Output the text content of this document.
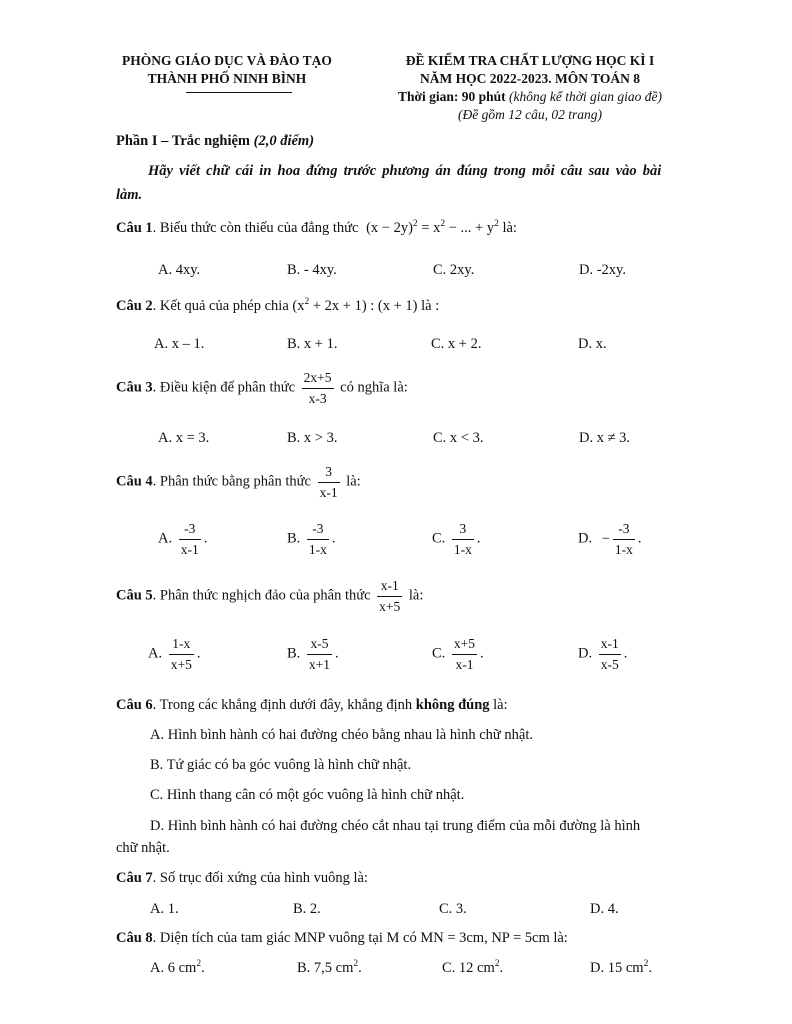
PHÒNG GIÁO DỤC VÀ ĐÀO TẠO
THÀNH PHỐ NINH BÌNH
ĐỀ KIỂM TRA CHẤT LƯỢNG HỌC KÌ I
NĂM HỌC 2022-2023. MÔN TOÁN 8
Thời gian: 90 phút (không kể thời gian giao đề)
(Đề gồm 12 câu, 02 trang)
Phần I – Trắc nghiệm (2,0 điểm)
Hãy viết chữ cái in hoa đứng trước phương án đúng trong mỗi câu sau vào bài
làm.
Câu 1. Biểu thức còn thiếu của đẳng thức $(x - 2y)^2 = x^2$ − ... + $y^2$ là:
A. 4xy.	B. - 4xy.	C. 2xy.	D. -2xy.
Câu 2. Kết quả của phép chia $(x^2 + 2x + 1)$ : (x + 1) là :
A. x – 1.	B. x + 1.	C. x + 2.	D. x.
Câu 3. Điều kiện để phân thức $\frac{2x+5}{x-3}$ có nghĩa là:
A. x = 3.	B. x > 3.	C. x < 3.	D. x ≠ 3.
Câu 4. Phân thức bằng phân thức $\frac{3}{x-1}$ là:
A. $\frac{-3}{x-1}$ .	B. $\frac{-3}{1-x}$ .	C. $\frac{3}{1-x}$ .	D. − $\frac{-3}{1-x}$ .
Câu 5. Phân thức nghịch đảo của phân thức $\frac{x-1}{x+5}$ là:
A. $\frac{1-x}{x+5}$ .	B. $\frac{x-5}{x+1}$ .	C. $\frac{x+5}{x-1}$ .	D. $\frac{x-1}{x-5}$ .
Câu 6. Trong các khẳng định dưới đây, khẳng định không đúng là:
A. Hình bình hành có hai đường chéo bằng nhau là hình chữ nhật.
B. Tứ giác có ba góc vuông là hình chữ nhật.
C. Hình thang cân có một góc vuông là hình chữ nhật.
D. Hình bình hành có hai đường chéo cắt nhau tại trung điểm của mỗi đường là hình
chữ nhật.
Câu 7. Số trục đối xứng của hình vuông là:
A. 1.	B. 2.	C. 3.	D. 4.
Câu 8. Diện tích của tam giác MNP vuông tại M có MN = 3cm, NP = 5cm là:
A. 6 $cm^2$.	B. 7,5 $cm^2$.	C. 12 $cm^2$.	D. 15 $cm^2$.
